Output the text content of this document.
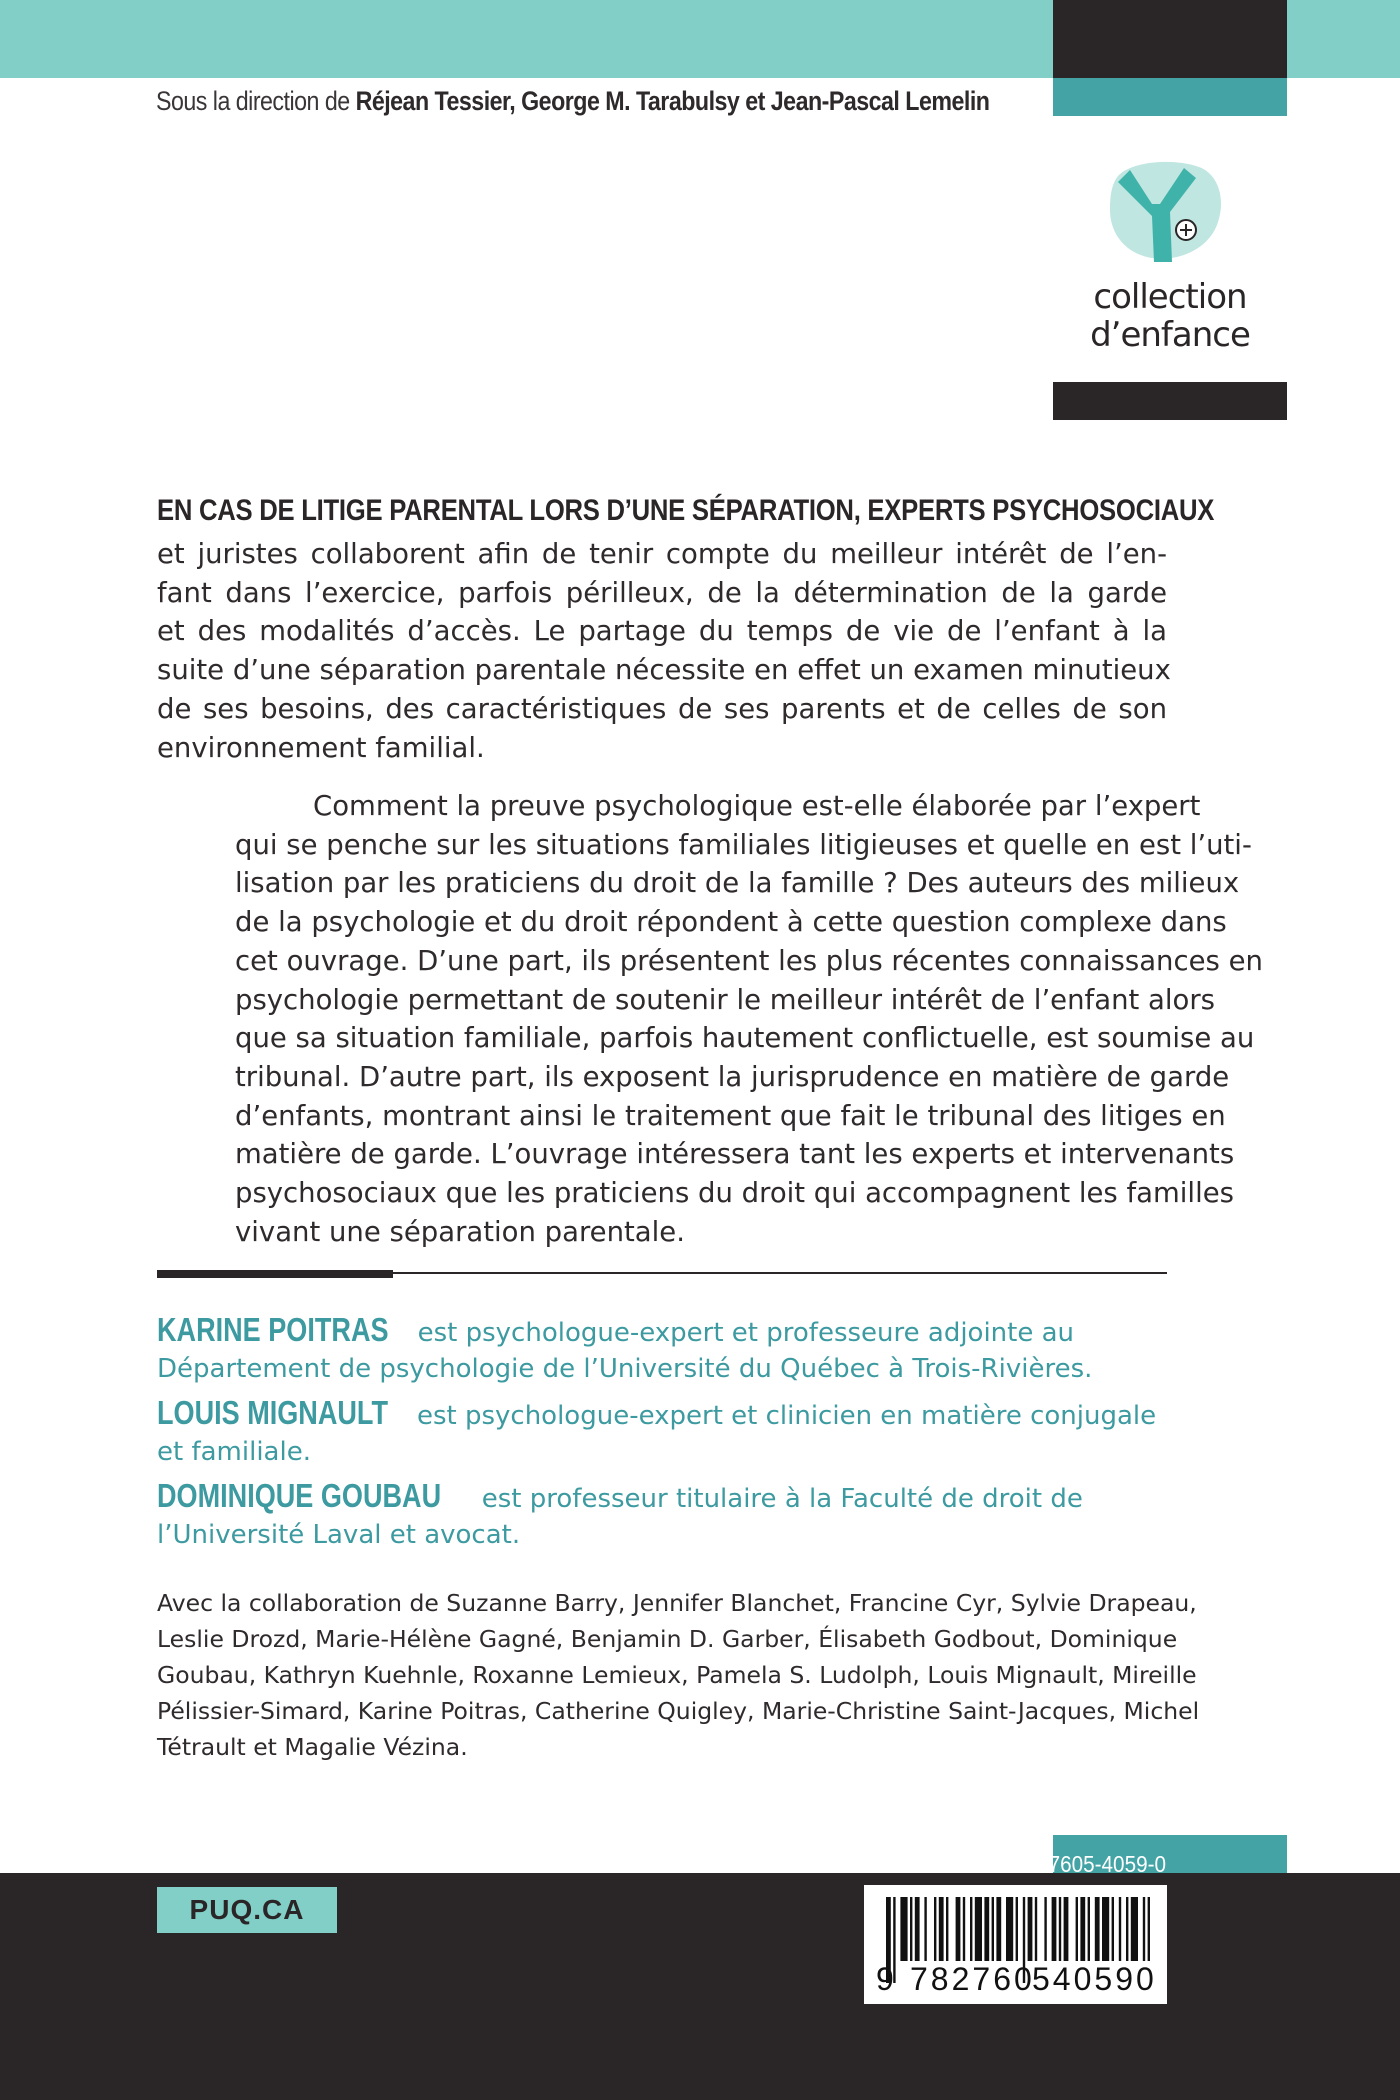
Sous la direction de Réjean Tessier, George M. Tarabulsy et Jean-Pascal Lemelin
collection
d’enfance
EN CAS DE LITIGE PARENTAL LORS D’UNE SÉPARATION, EXPERTS PSYCHOSOCIAUX
et juristes collaborent afin de tenir compte du meilleur intérêt de l’en-
fant dans l’exercice, parfois périlleux, de la détermination de la garde
et des modalités d’accès. Le partage du temps de vie de l’enfant à la
suite d’une séparation parentale nécessite en effet un examen minutieux
de ses besoins, des caractéristiques de ses parents et de celles de son
environnement familial.
Comment la preuve psychologique est-elle élaborée par l’expert
qui se penche sur les situations familiales litigieuses et quelle en est l’uti-
lisation par les praticiens du droit de la famille ? Des auteurs des milieux
de la psychologie et du droit répondent à cette question complexe dans
cet ouvrage. D’une part, ils présentent les plus récentes connaissances en
psychologie permettant de soutenir le meilleur intérêt de l’enfant alors
que sa situation familiale, parfois hautement conflictuelle, est soumise au
tribunal. D’autre part, ils exposent la jurisprudence en matière de garde
d’enfants, montrant ainsi le traitement que fait le tribunal des litiges en
matière de garde. L’ouvrage intéressera tant les experts et intervenants
psychosociaux que les praticiens du droit qui accompagnent les familles
vivant une séparation parentale.
KARINE POITRAS est psychologue-expert et professeure adjointe au Département de psychologie de l’Université du Québec à Trois-Rivières.
LOUIS MIGNAULT est psychologue-expert et clinicien en matière conjugale et familiale.
DOMINIQUE GOUBAU est professeur titulaire à la Faculté de droit de l’Université Laval et avocat.
Avec la collaboration de Suzanne Barry, Jennifer Blanchet, Francine Cyr, Sylvie Drapeau,
Leslie Drozd, Marie-Hélène Gagné, Benjamin D. Garber, Élisabeth Godbout, Dominique
Goubau, Kathryn Kuehnle, Roxanne Lemieux, Pamela S. Ludolph, Louis Mignault, Mireille
Pélissier-Simard, Karine Poitras, Catherine Quigley, Marie-Christine Saint-Jacques, Michel
Tétrault et Magalie Vézina.
PUQ.CA
ISBN 978-2-7605-4059-0
9 782760
540590
